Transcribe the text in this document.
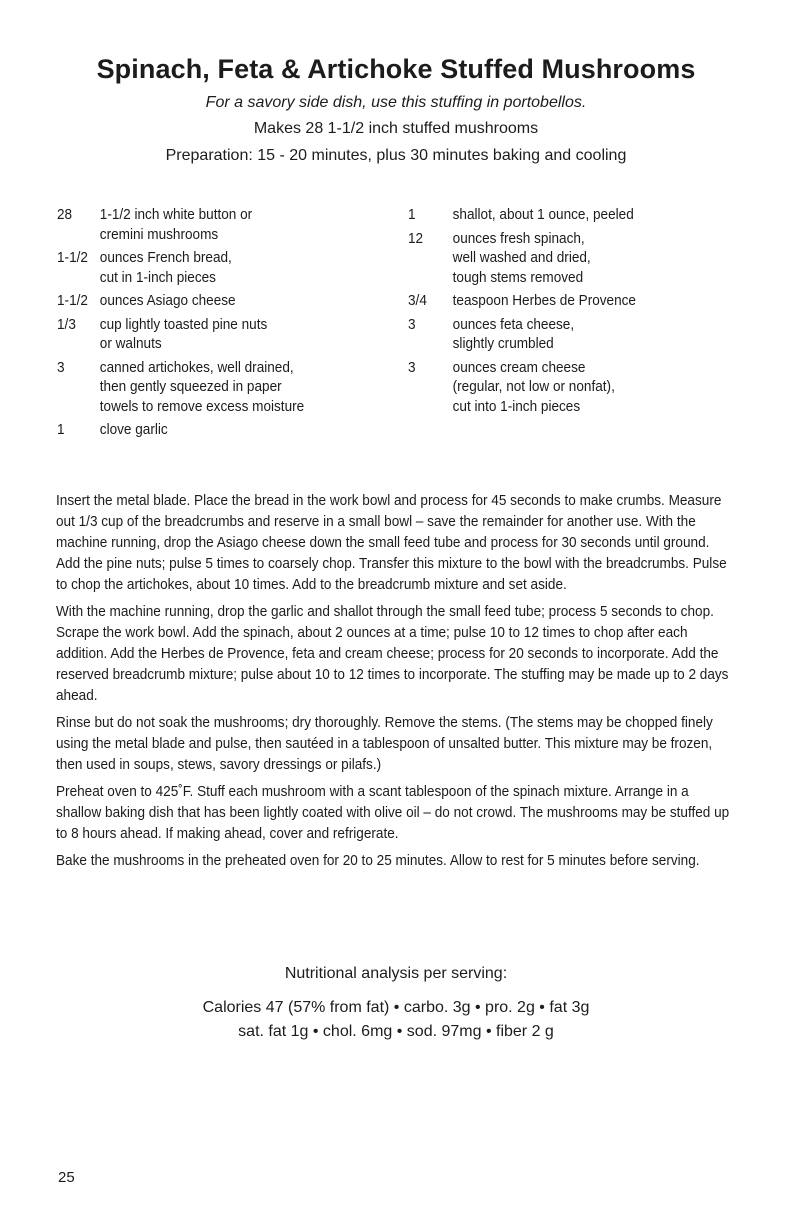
Spinach, Feta & Artichoke Stuffed Mushrooms
For a savory side dish, use this stuffing in portobellos.
Makes 28 1-1/2 inch stuffed mushrooms
Preparation: 15 - 20 minutes, plus 30 minutes baking and cooling
28	1-1/2 inch white button or
cremini mushrooms
1-1/2 ounces French bread,
cut in 1-inch pieces
1-1/2 ounces Asiago cheese
1/3	cup lightly toasted pine nuts
or walnuts
3	canned artichokes, well drained,
then gently squeezed in paper
towels to remove excess moisture
1	clove garlic
1	shallot, about 1 ounce, peeled
12	ounces fresh spinach,
well washed and dried,
tough stems removed
3/4	teaspoon Herbes de Provence
3	ounces feta cheese,
slightly crumbled
3	ounces cream cheese
(regular, not low or nonfat),
cut into 1-inch pieces

Insert the metal blade. Place the bread in the work bowl and process for 45 seconds to make crumbs. Measure out 1/3 cup of the breadcrumbs and reserve in a small bowl – save the remainder for another use. With the machine running, drop the Asiago cheese down the small feed tube and process for 30 seconds until ground. Add the pine nuts; pulse 5 times to coarsely chop. Transfer this mixture to the bowl with the breadcrumbs. Pulse to chop the artichokes, about 10 times. Add to the breadcrumb mixture and set aside.

With the machine running, drop the garlic and shallot through the small feed tube; process 5 seconds to chop. Scrape the work bowl. Add the spinach, about 2 ounces at a time; pulse 10 to 12 times to chop after each addition. Add the Herbes de Provence, feta and cream cheese; process for 20 seconds to incorporate. Add the reserved breadcrumb mixture; pulse about 10 to 12 times to incorporate. The stuffing may be made up to 2 days ahead.

Rinse but do not soak the mushrooms; dry thoroughly. Remove the stems. (The stems may be chopped finely using the metal blade and pulse, then sautéed in a tablespoon of unsalted butter. This mixture may be frozen, then used in soups, stews, savory dressings or pilafs.)

Preheat oven to 425˚F. Stuff each mushroom with a scant tablespoon of the spinach mixture. Arrange in a shallow baking dish that has been lightly coated with olive oil – do not crowd. The mushrooms may be stuffed up to 8 hours ahead. If making ahead, cover and refrigerate.

Bake the mushrooms in the preheated oven for 20 to 25 minutes. Allow to rest for 5 minutes before serving.

Nutritional analysis per serving:
Calories 47 (57% from fat) • carbo. 3g • pro. 2g • fat 3g
sat. fat 1g • chol. 6mg • sod. 97mg • fiber 2 g
25
